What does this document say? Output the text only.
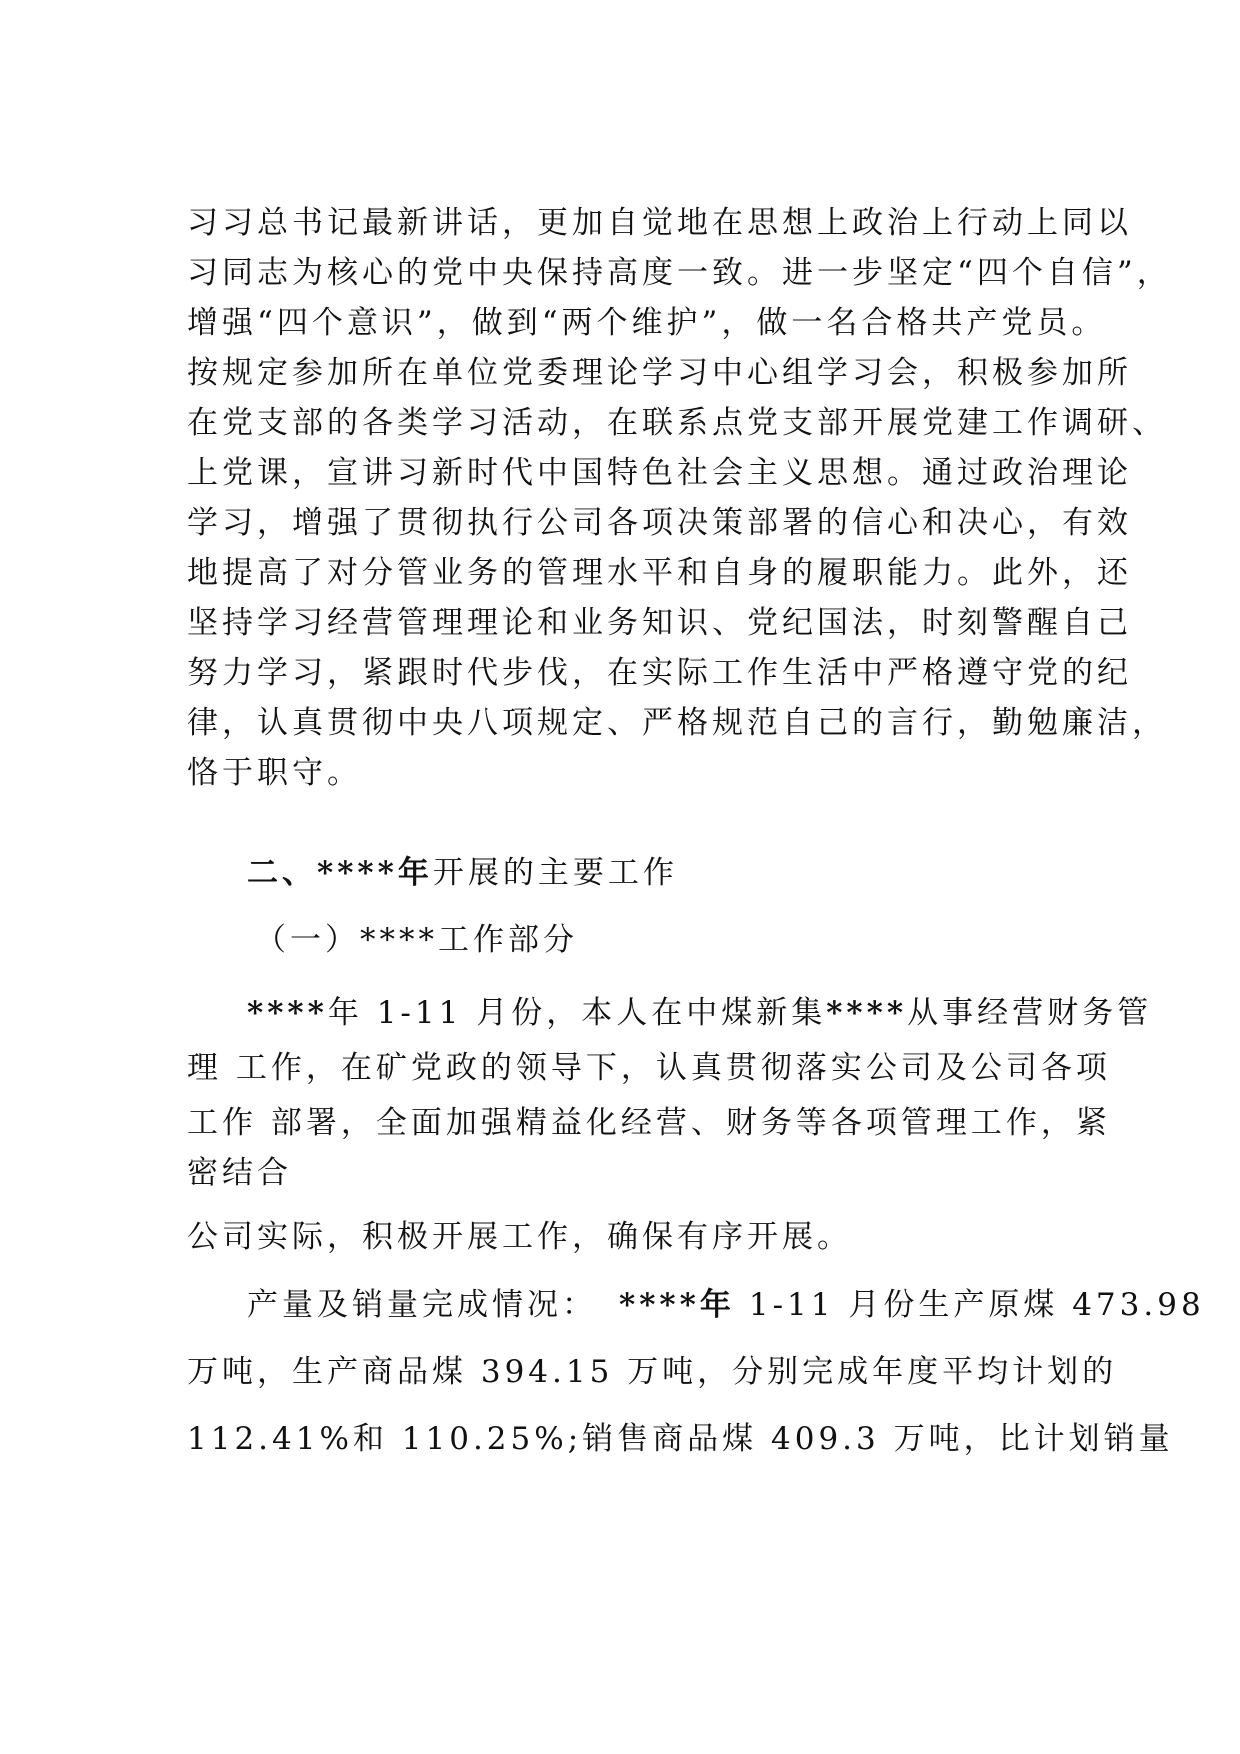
习习总书记最新讲话，更加自觉地在思想上政治上行动上同以
习同志为核心的党中央保持高度一致。进一步坚定“四个自信”，
增强“四个意识”，做到“两个维护”，做一名合格共产党员。
按规定参加所在单位党委理论学习中心组学习会，积极参加所
在党支部的各类学习活动，在联系点党支部开展党建工作调研、
上党课，宣讲习新时代中国特色社会主义思想。通过政治理论
学习，增强了贯彻执行公司各项决策部署的信心和决心，有效
地提高了对分管业务的管理水平和自身的履职能力。此外，还
坚持学习经营管理理论和业务知识、党纪国法，时刻警醒自己
努力学习，紧跟时代步伐，在实际工作生活中严格遵守党的纪
律，认真贯彻中央八项规定、严格规范自己的言行，勤勉廉洁，
恪于职守。
二、****年开展的主要工作
（一）****工作部分
****年 1-11 月份，本人在中煤新集****从事经营财务管
理 工作，在矿党政的领导下，认真贯彻落实公司及公司各项
工作 部署，全面加强精益化经营、财务等各项管理工作，紧
密结合
公司实际，积极开展工作，确保有序开展。
产量及销量完成情况： ****年 1-11 月份生产原煤 473.98
万吨，生产商品煤 394.15 万吨，分别完成年度平均计划的
112.41%和 110.25%;销售商品煤 409.3 万吨，比计划销量
